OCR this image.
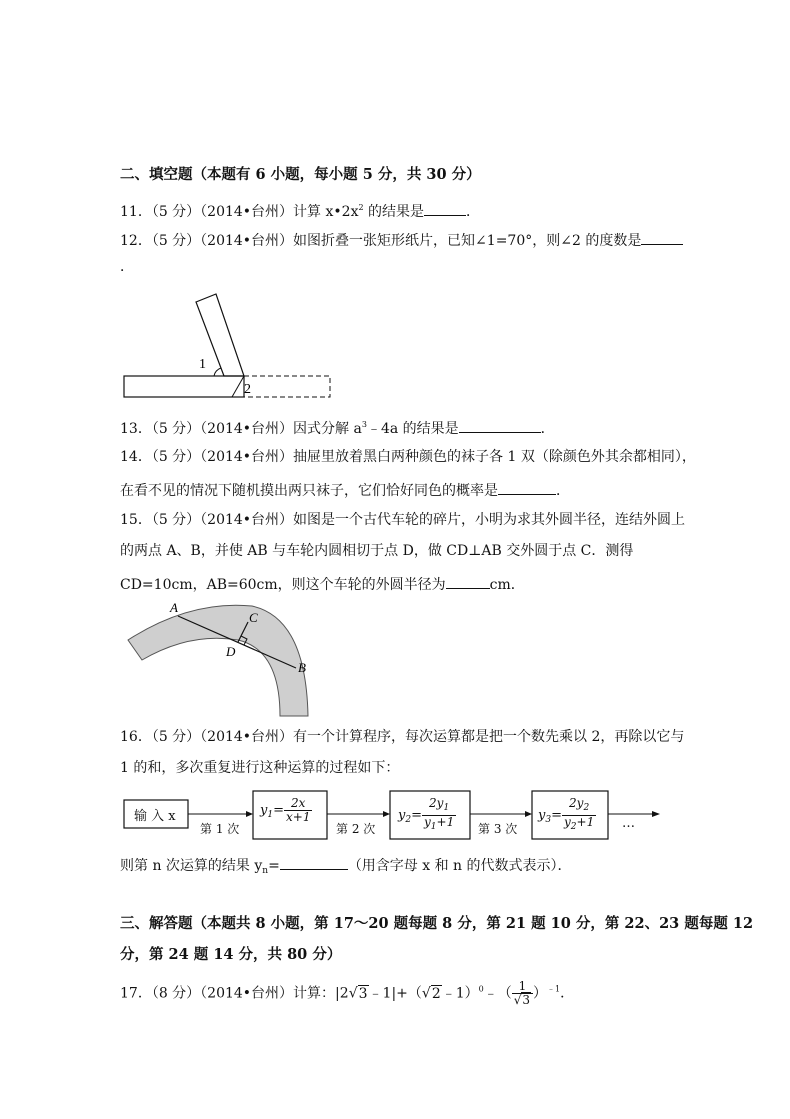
二、填空题（本题有 6 小题，每小题 5 分，共 30 分）
11．（5 分）（2014•台州）计算 $x•2x^2$ 的结果是	．
12．（5 分）（2014•台州）如图折叠一张矩形纸片，已知∠1=70°，则∠2 的度数是
．
1
2
13．（5 分）（2014•台州）因式分解 $a^3﹣4a$ 的结果是	．
14．（5 分）（2014•台州）抽屉里放着黑白两种颜色的袜子各 1 双（除颜色外其余都相同），
在看不见的情况下随机摸出两只袜子，它们恰好同色的概率是	．
15．（5 分）（2014•台州）如图是一个古代车轮的碎片，小明为求其外圆半径，连结外圆上
的两点 A、B，并使 AB 与车轮内圆相切于点 D，做 CD⊥AB 交外圆于点 C．测得
CD=10cm，AB=60cm，则这个车轮的外圆半径为	cm．
A
B
C
D
16．（5 分）（2014•台州）有一个计算程序，每次运算都是把一个数先乘以 2，再除以它与
1 的和，多次重复进行这种运算的过程如下：
输 入 x
第 1 次	第 2 次	第 3 次	…
$y_1= \frac{2x}{x+1}$	$y_2= \frac{2y_1}{y_1+1}$	$y_3= \frac{2y_2}{y_2+1}$
则第 n 次运算的结果 $y_n=$	（用含字母 x 和 n 的代数式表示）．
三、解答题（本题共 8 小题，第 17～20 题每题 8 分，第 21 题 10 分，第 22、23 题每题 12
分，第 24 题 14 分，共 80 分）
17．（8 分）（2014•台州）计算：|2√3﹣1|+（√2﹣1）$^0$﹣（ $\frac{1}{√3} )^{﹣1}$．
